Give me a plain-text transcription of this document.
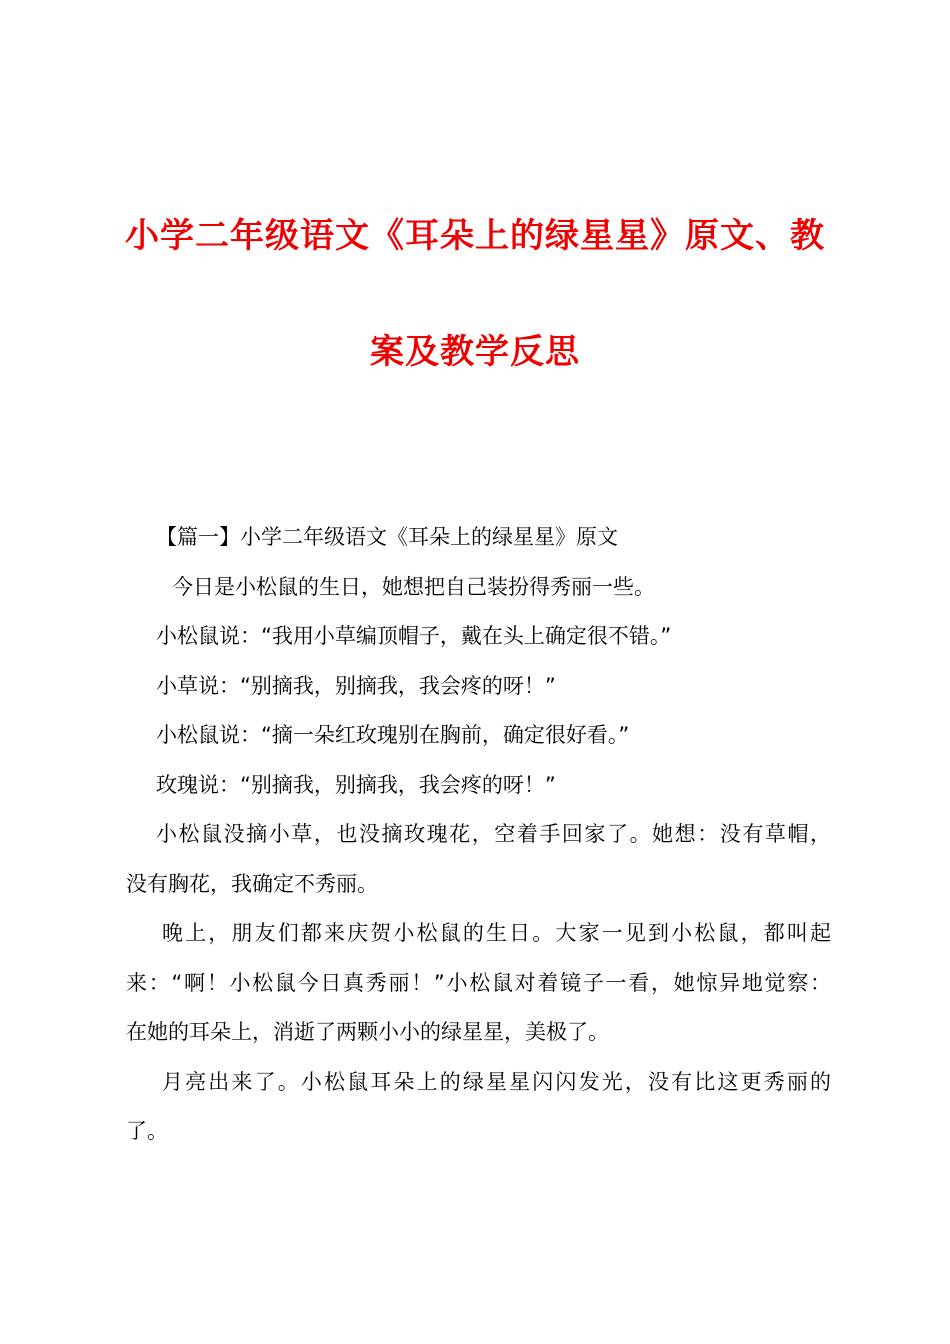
小学二年级语文《耳朵上的绿星星》原文、教
案及教学反思
【篇一】小学二年级语文《耳朵上的绿星星》原文
今日是小松鼠的生日，她想把自己装扮得秀丽一些。
小松鼠说：“我用小草编顶帽子，戴在头上确定很不错。”
小草说：“别摘我，别摘我，我会疼的呀！”
小松鼠说：“摘一朵红玫瑰别在胸前，确定很好看。”
玫瑰说：“别摘我，别摘我，我会疼的呀！”
小松鼠没摘小草，也没摘玫瑰花，空着手回家了。她想：没有草帽，
没有胸花，我确定不秀丽。
晚上，朋友们都来庆贺小松鼠的生日。大家一见到小松鼠，都叫起
来：“啊！小松鼠今日真秀丽！”小松鼠对着镜子一看，她惊异地觉察：
在她的耳朵上，消逝了两颗小小的绿星星，美极了。
月亮出来了。小松鼠耳朵上的绿星星闪闪发光，没有比这更秀丽的
了。
